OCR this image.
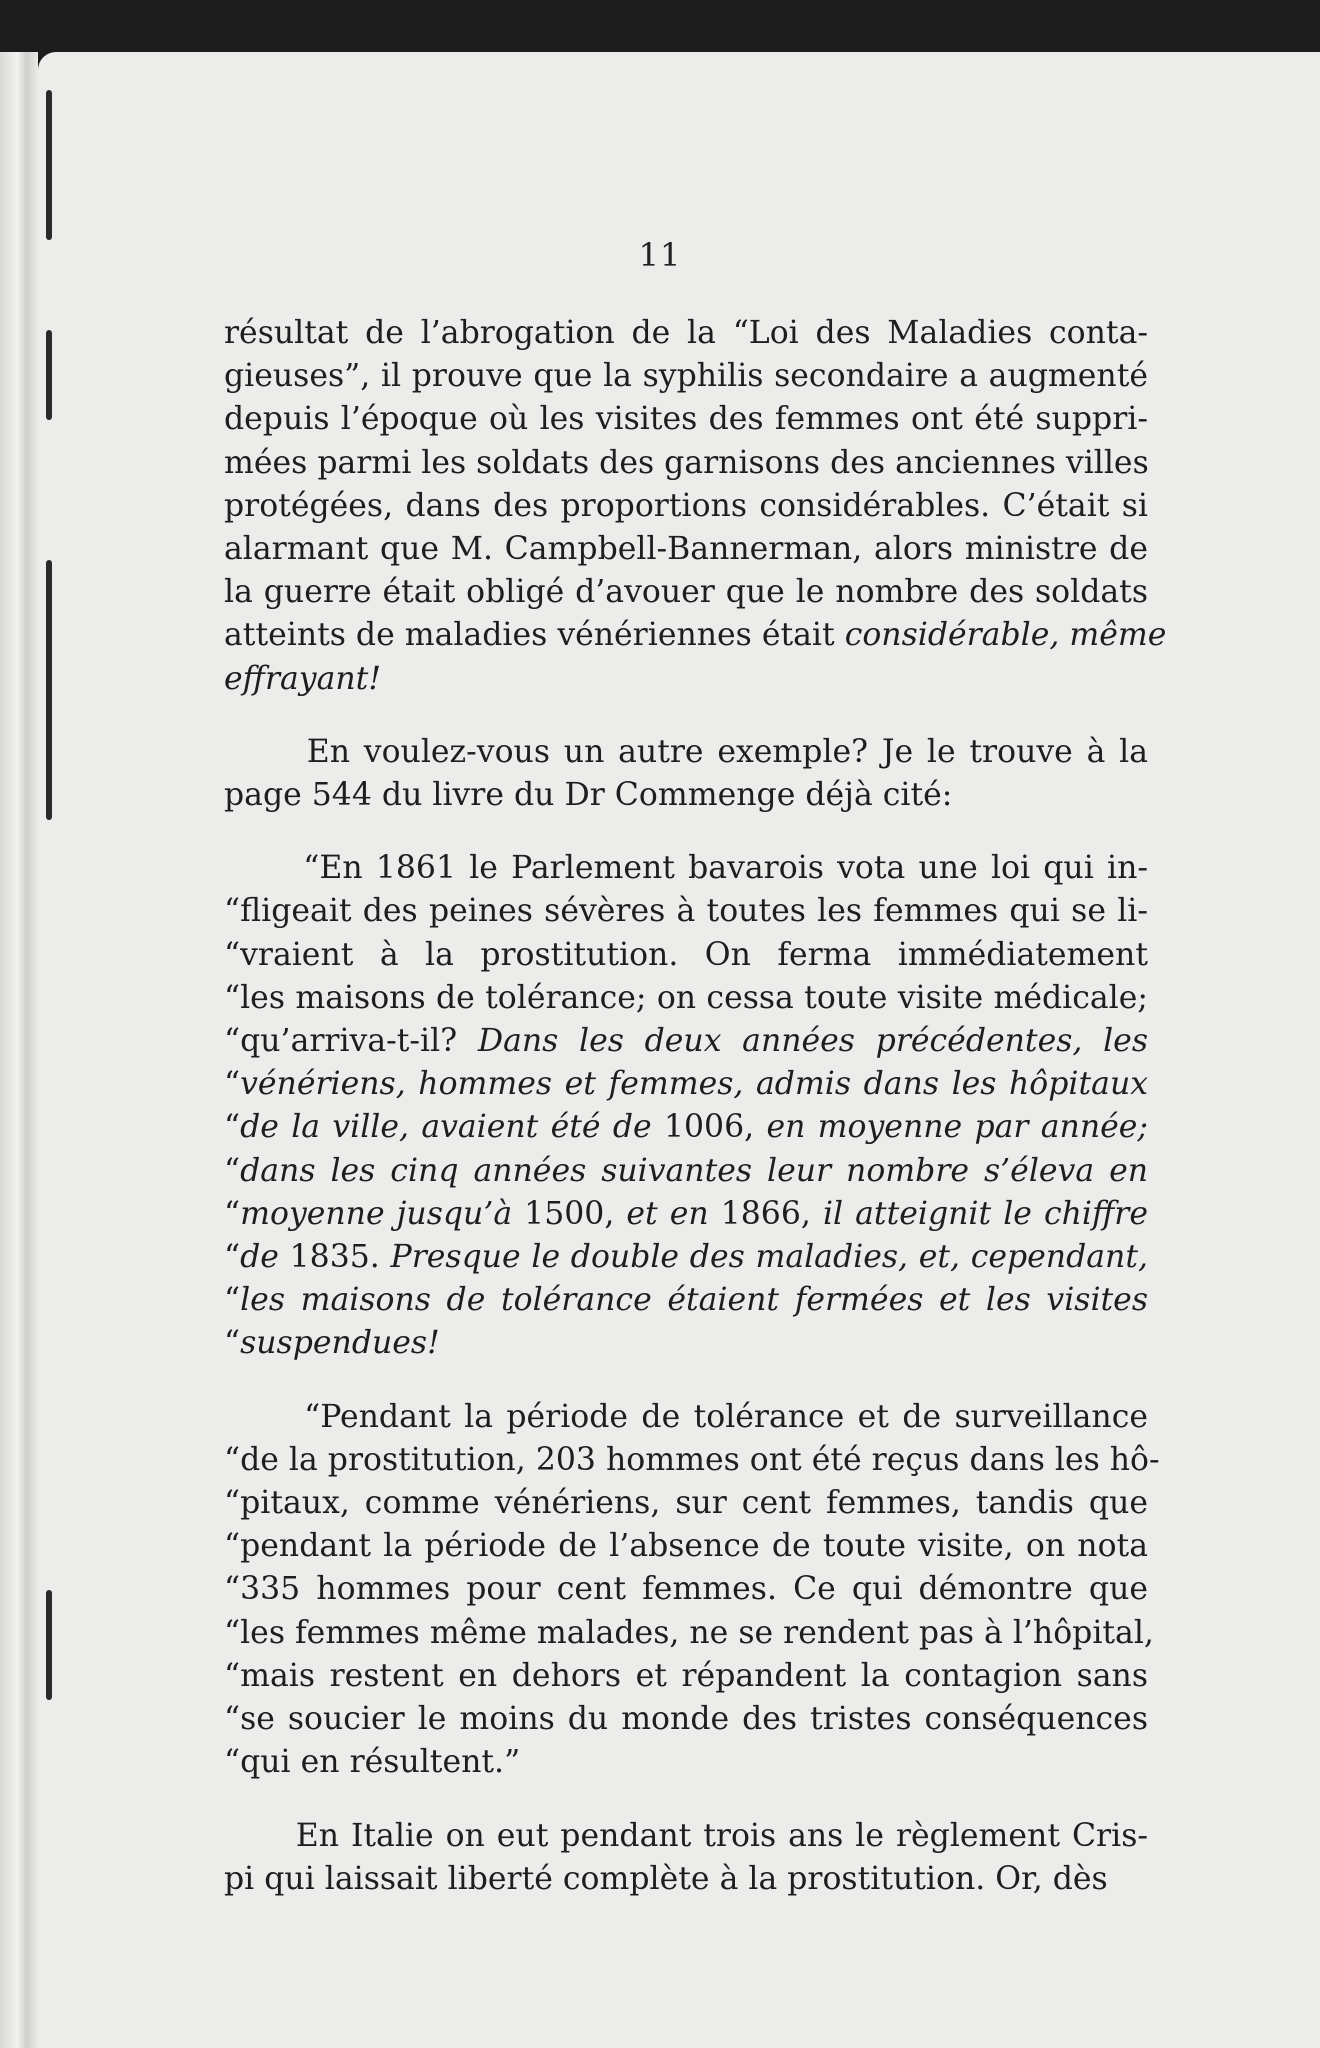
11
résultat de l’abrogation de la “Loi des Maladies conta-
gieuses”, il prouve que la syphilis secondaire a augmenté
depuis l’époque où les visites des femmes ont été suppri-
mées parmi les soldats des garnisons des anciennes villes
protégées, dans des proportions considérables. C’était si
alarmant que M. Campbell-Bannerman, alors ministre de
la guerre était obligé d’avouer que le nombre des soldats
atteints de maladies vénériennes était considérable, même
effrayant!
En voulez-vous un autre exemple? Je le trouve à la
page 544 du livre du Dr Commenge déjà cité:
“En 1861 le Parlement bavarois vota une loi qui in-
“fligeait des peines sévères à toutes les femmes qui se li-
“vraient à la prostitution. On ferma immédiatement
“les maisons de tolérance; on cessa toute visite médicale;
“qu’arriva-t-il? Dans les deux années précédentes, les
“vénériens, hommes et femmes, admis dans les hôpitaux
“de la ville, avaient été de 1006, en moyenne par année;
“dans les cinq années suivantes leur nombre s’éleva en
“moyenne jusqu’à 1500, et en 1866, il atteignit le chiffre
“de 1835. Presque le double des maladies, et, cependant,
“les maisons de tolérance étaient fermées et les visites
“suspendues!
“Pendant la période de tolérance et de surveillance
“de la prostitution, 203 hommes ont été reçus dans les hô-
“pitaux, comme vénériens, sur cent femmes, tandis que
“pendant la période de l’absence de toute visite, on nota
“335 hommes pour cent femmes. Ce qui démontre que
“les femmes même malades, ne se rendent pas à l’hôpital,
“mais restent en dehors et répandent la contagion sans
“se soucier le moins du monde des tristes conséquences
“qui en résultent.”
En Italie on eut pendant trois ans le règlement Cris-
pi qui laissait liberté complète à la prostitution. Or, dès
